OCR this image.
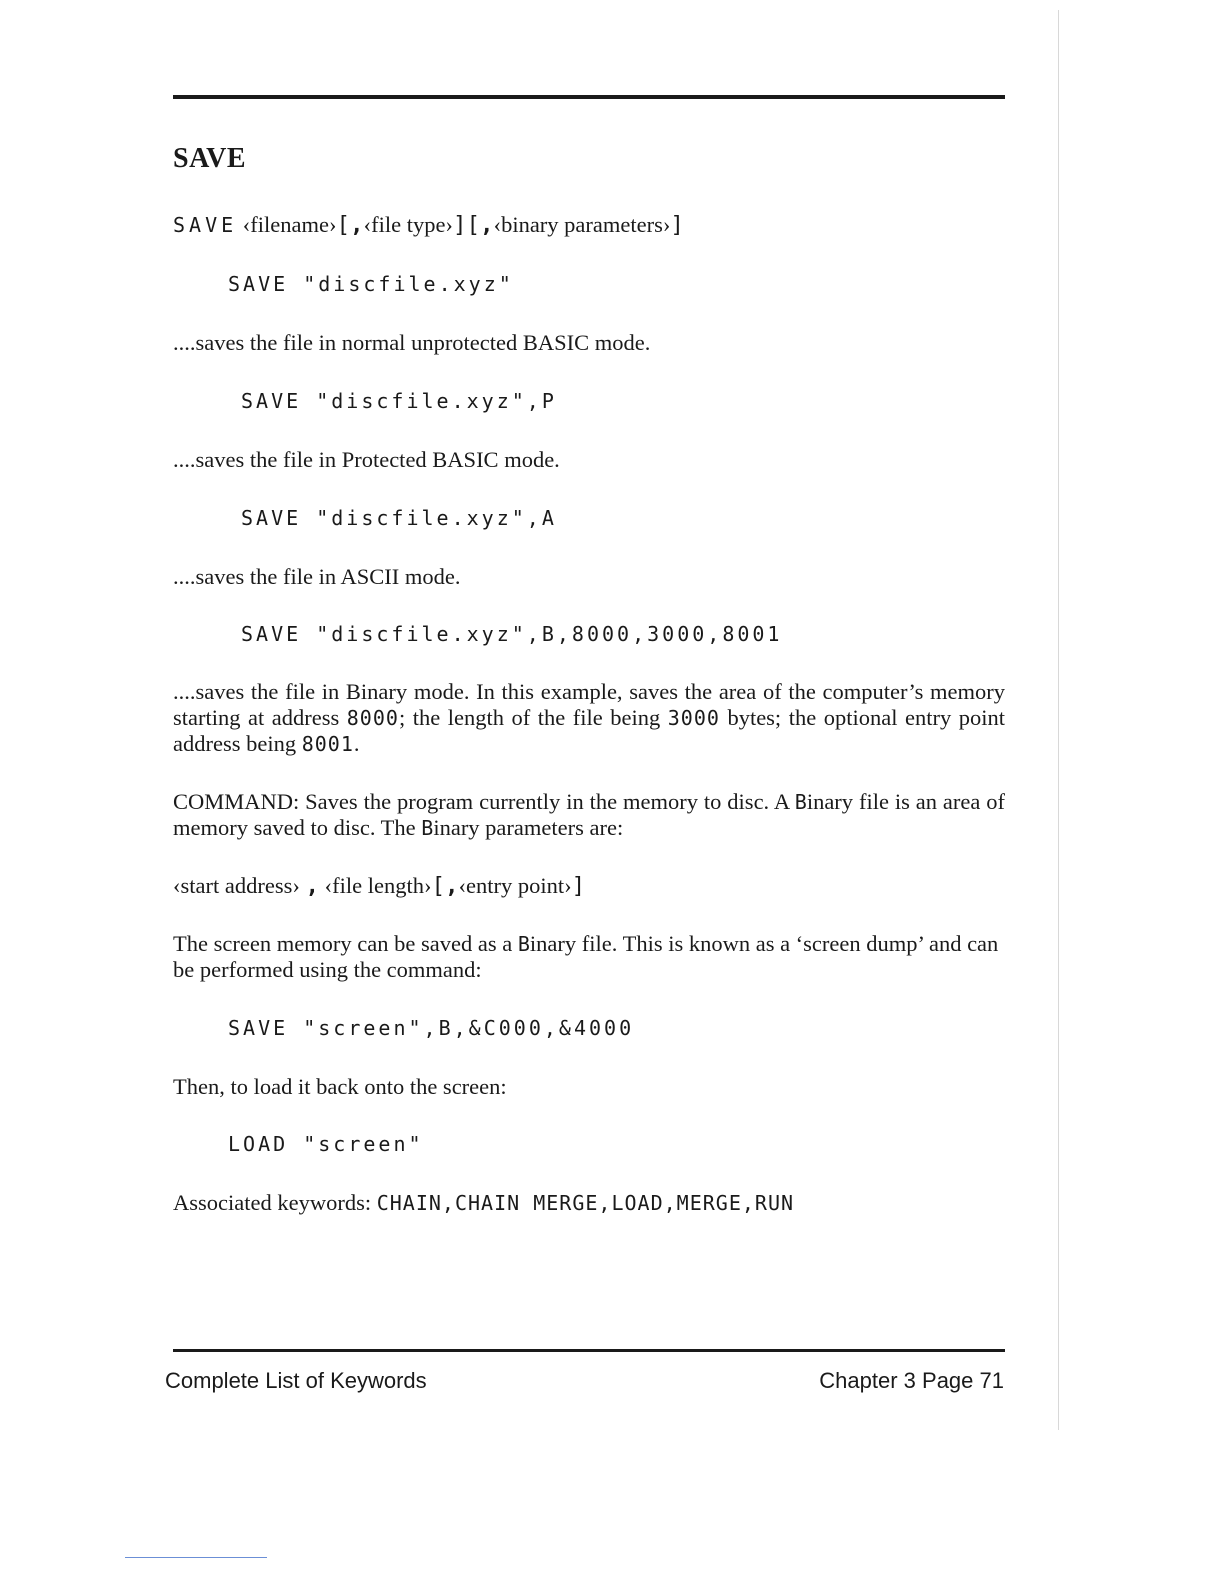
SAVE
SAVE ‹filename›[,‹file type›][,‹binary parameters›]
SAVE "discfile.xyz"
....saves the file in normal unprotected BASIC mode.
SAVE "discfile.xyz",P
....saves the file in Protected BASIC mode.
SAVE "discfile.xyz",A
....saves the file in ASCII mode.
SAVE "discfile.xyz",B,8000,3000,8001
....saves the file in Binary mode. In this example, saves the area of the computer’s memory starting at address 8000; the length of the file being 3000 bytes; the optional entry point address being 8001.
COMMAND: Saves the program currently in the memory to disc. A Binary file is an area of memory saved to disc. The Binary parameters are:
‹start address› , ‹file length›[,‹entry point›]
The screen memory can be saved as a Binary file. This is known as a ‘screen dump’ and can be performed using the command:
SAVE "screen",B,&C000,&4000
Then, to load it back onto the screen:
LOAD "screen"
Associated keywords: CHAIN,CHAIN MERGE,LOAD,MERGE,RUN
Complete List of Keywords	Chapter 3 Page 71
